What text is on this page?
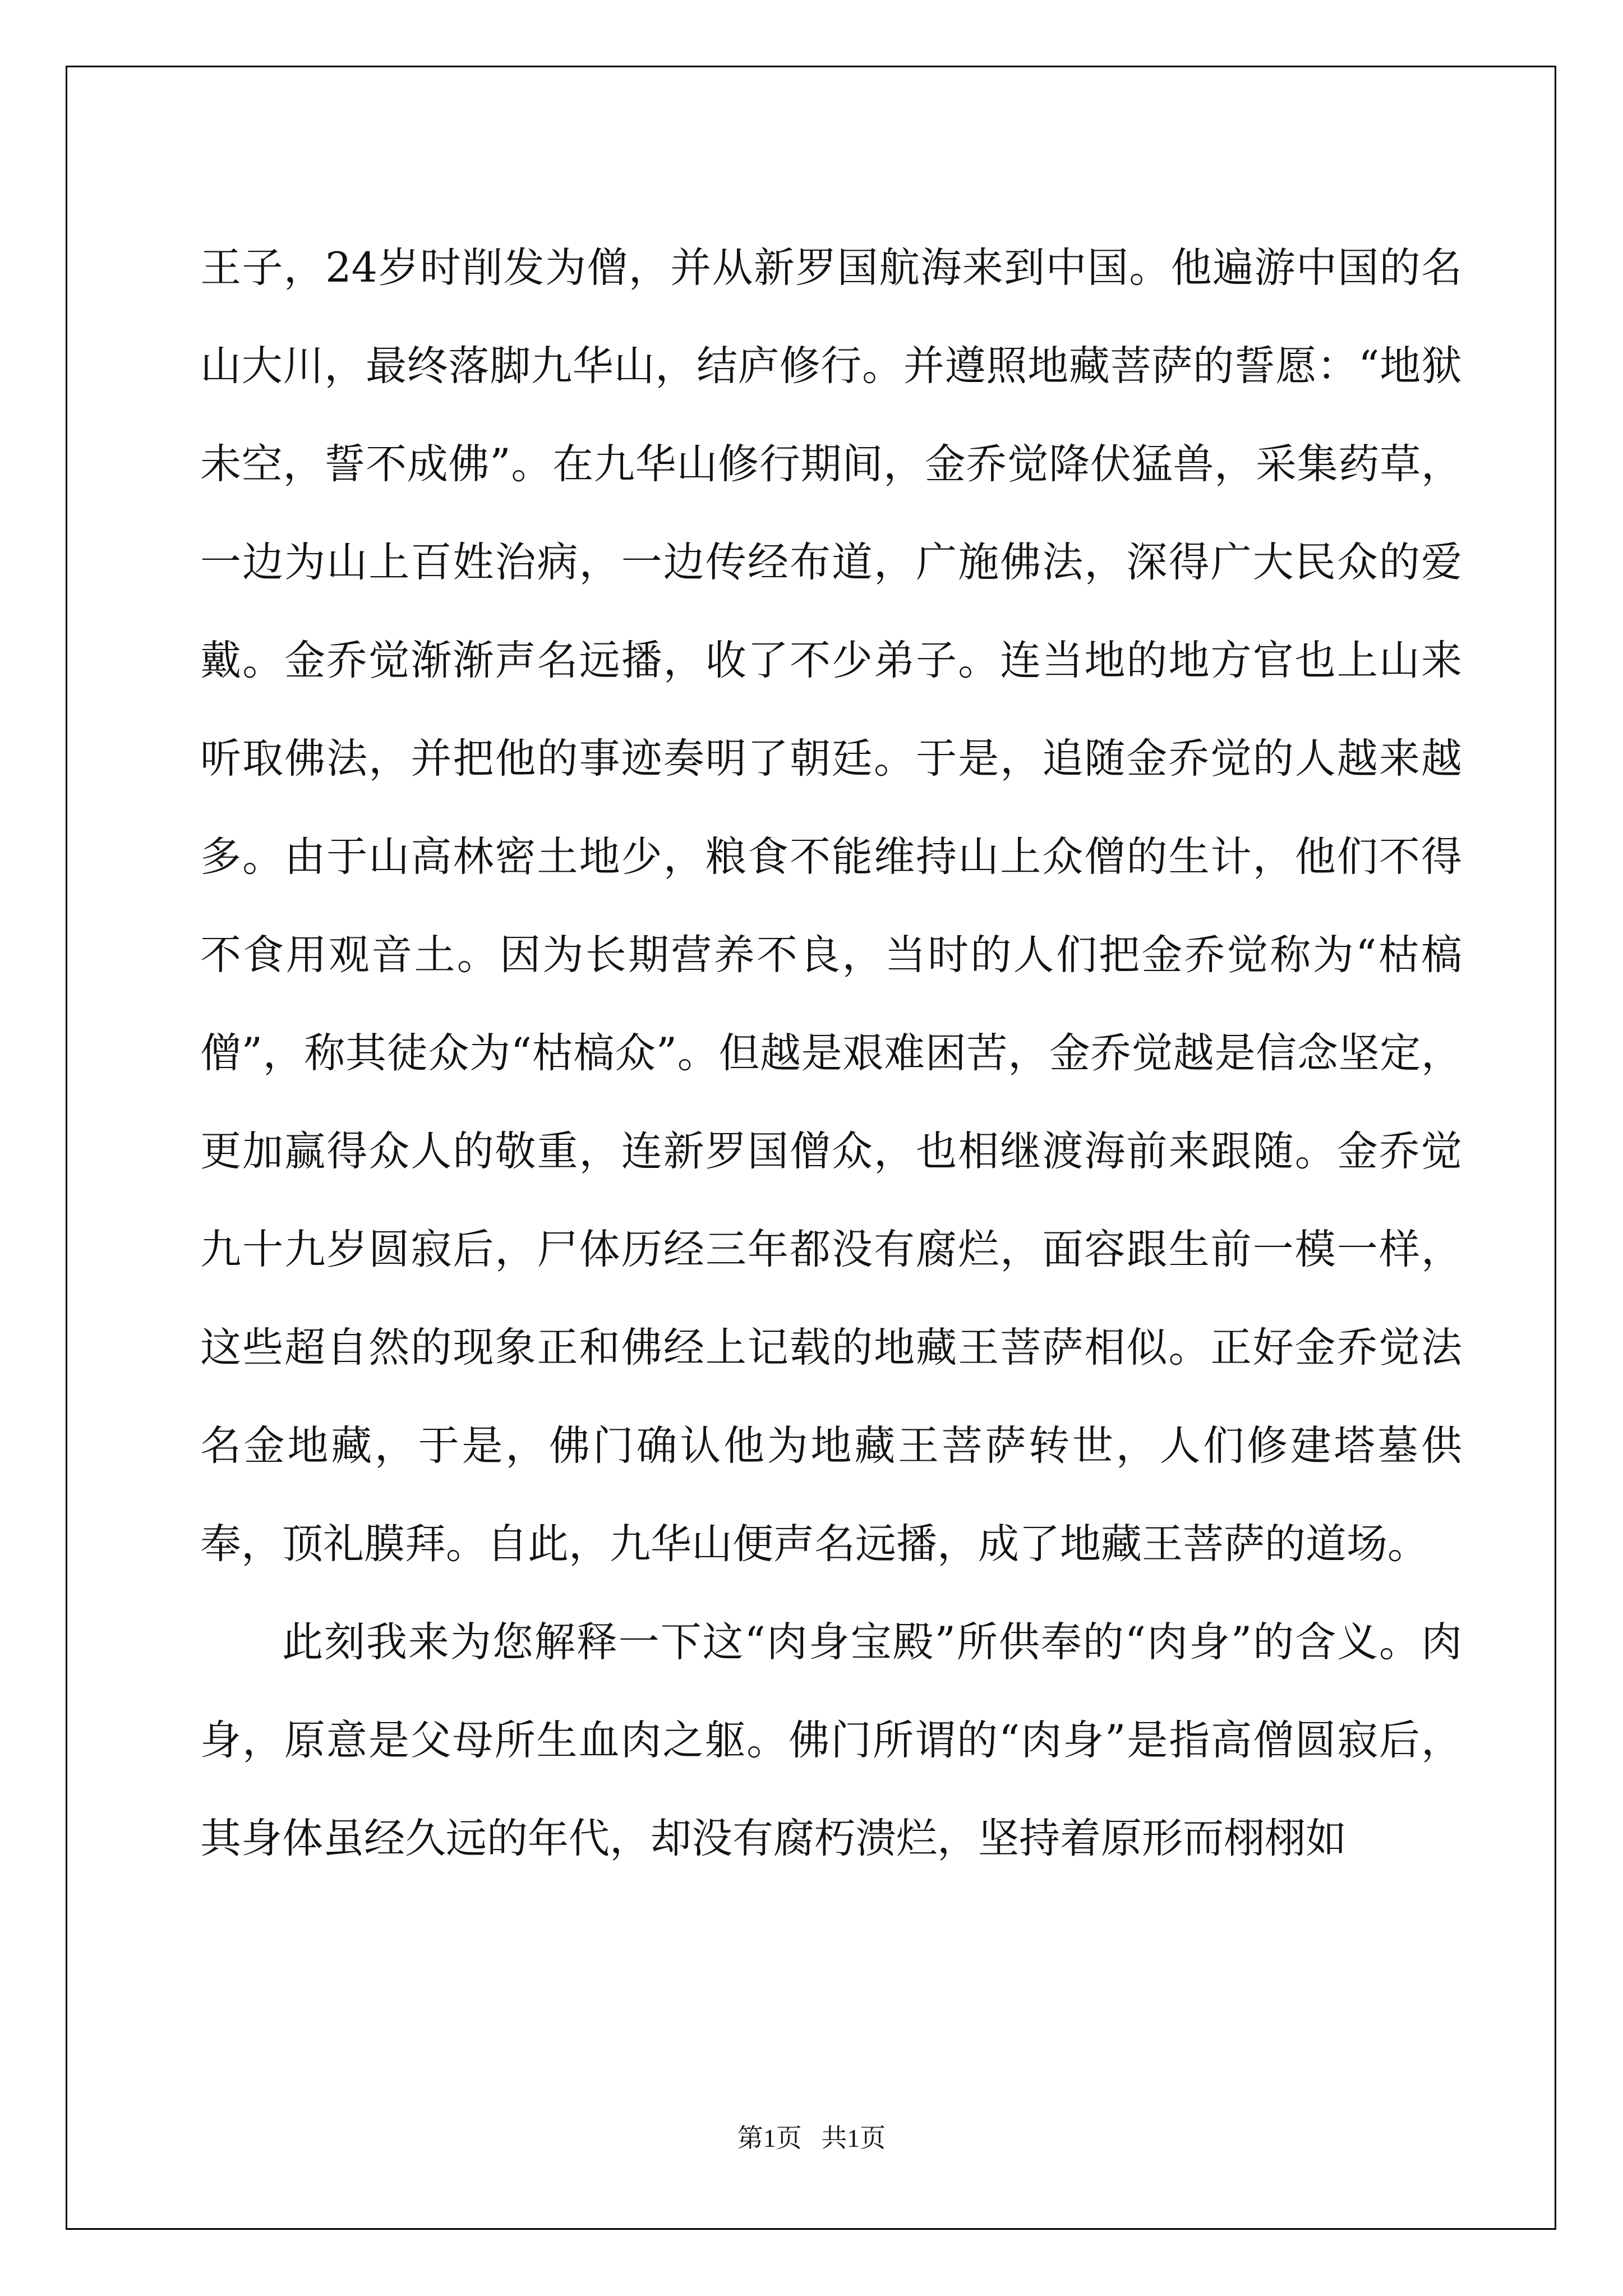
王子，24岁时削发为僧，并从新罗国航海来到中国。他遍游中国的名山大川，最终落脚九华山，结庐修行。并遵照地藏菩萨的誓愿：“地狱未空，誓不成佛”。在九华山修行期间，金乔觉降伏猛兽，采集药草，一边为山上百姓治病，一边传经布道，广施佛法，深得广大民众的爱戴。金乔觉渐渐声名远播，收了不少弟子。连当地的地方官也上山来听取佛法，并把他的事迹奏明了朝廷。于是，追随金乔觉的人越来越多。由于山高林密土地少，粮食不能维持山上众僧的生计，他们不得不食用观音土。因为长期营养不良，当时的人们把金乔觉称为“枯槁僧”，称其徒众为“枯槁众”。但越是艰难困苦，金乔觉越是信念坚定，更加赢得众人的敬重，连新罗国僧众，也相继渡海前来跟随。金乔觉九十九岁圆寂后，尸体历经三年都没有腐烂，面容跟生前一模一样，这些超自然的现象正和佛经上记载的地藏王菩萨相似。正好金乔觉法名金地藏，于是，佛门确认他为地藏王菩萨转世，人们修建塔墓供奉，顶礼膜拜。自此，九华山便声名远播，成了地藏王菩萨的道场。

此刻我来为您解释一下这“肉身宝殿”所供奉的“肉身”的含义。肉身，原意是父母所生血肉之躯。佛门所谓的“肉身”是指高僧圆寂后，其身体虽经久远的年代，却没有腐朽溃烂，坚持着原形而栩栩如

第1页   共1页
